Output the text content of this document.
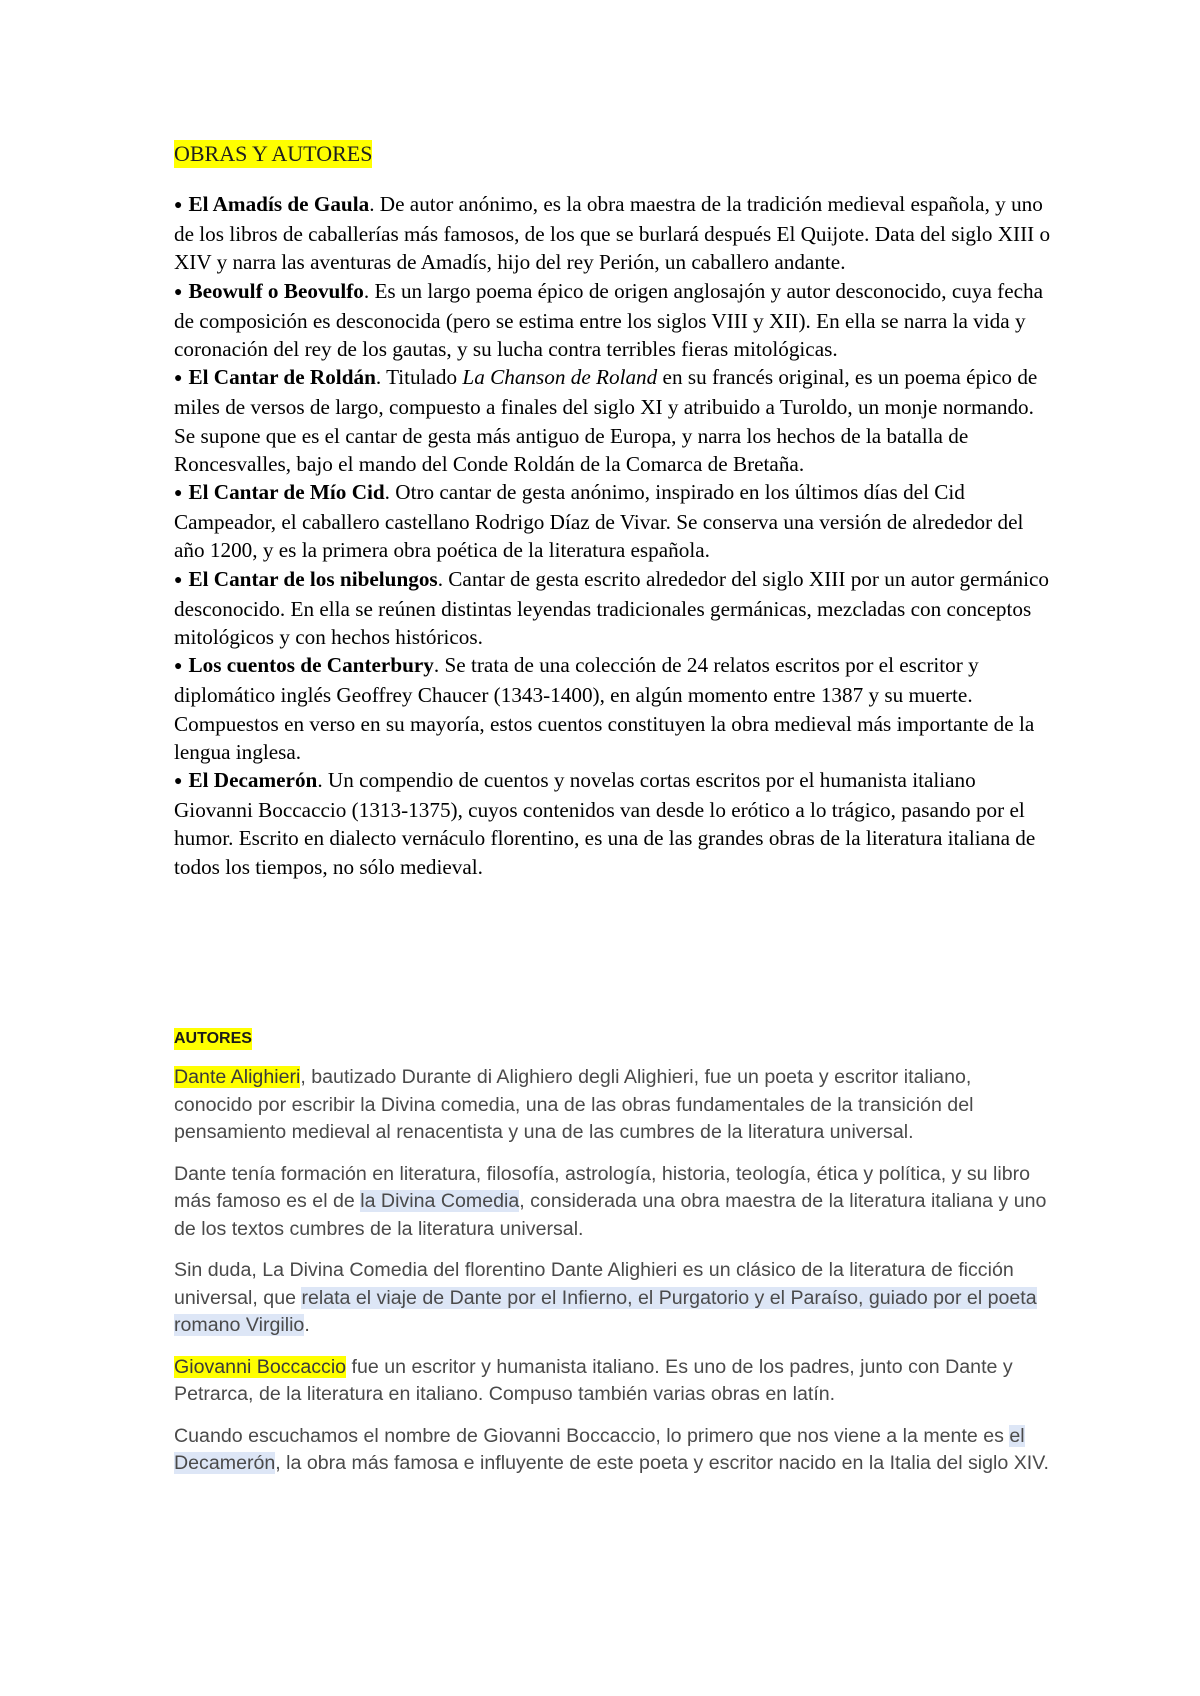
OBRAS Y AUTORES
● El Amadís de Gaula. De autor anónimo, es la obra maestra de la tradición medieval española, y uno de los libros de caballerías más famosos, de los que se burlará después El Quijote. Data del siglo XIII o XIV y narra las aventuras de Amadís, hijo del rey Perión, un caballero andante.
● Beowulf o Beovulfo. Es un largo poema épico de origen anglosajón y autor desconocido, cuya fecha de composición es desconocida (pero se estima entre los siglos VIII y XII). En ella se narra la vida y coronación del rey de los gautas, y su lucha contra terribles fieras mitológicas.
● El Cantar de Roldán. Titulado La Chanson de Roland en su francés original, es un poema épico de miles de versos de largo, compuesto a finales del siglo XI y atribuido a Turoldo, un monje normando. Se supone que es el cantar de gesta más antiguo de Europa, y narra los hechos de la batalla de Roncesvalles, bajo el mando del Conde Roldán de la Comarca de Bretaña.
● El Cantar de Mío Cid. Otro cantar de gesta anónimo, inspirado en los últimos días del Cid Campeador, el caballero castellano Rodrigo Díaz de Vivar. Se conserva una versión de alrededor del año 1200, y es la primera obra poética de la literatura española.
● El Cantar de los nibelungos. Cantar de gesta escrito alrededor del siglo XIII por un autor germánico desconocido. En ella se reúnen distintas leyendas tradicionales germánicas, mezcladas con conceptos mitológicos y con hechos históricos.
● Los cuentos de Canterbury. Se trata de una colección de 24 relatos escritos por el escritor y diplomático inglés Geoffrey Chaucer (1343-1400), en algún momento entre 1387 y su muerte. Compuestos en verso en su mayoría, estos cuentos constituyen la obra medieval más importante de la lengua inglesa.
● El Decamerón. Un compendio de cuentos y novelas cortas escritos por el humanista italiano Giovanni Boccaccio (1313-1375), cuyos contenidos van desde lo erótico a lo trágico, pasando por el humor. Escrito en dialecto vernáculo florentino, es una de las grandes obras de la literatura italiana de todos los tiempos, no sólo medieval.
AUTORES

Dante Alighieri, bautizado Durante di Alighiero degli Alighieri, fue un poeta y escritor italiano, conocido por escribir la Divina comedia, una de las obras fundamentales de la transición del pensamiento medieval al renacentista y una de las cumbres de la literatura universal.

Dante tenía formación en literatura, filosofía, astrología, historia, teología, ética y política, y su libro más famoso es el de la Divina Comedia, considerada una obra maestra de la literatura italiana y uno de los textos cumbres de la literatura universal.

Sin duda, La Divina Comedia del florentino Dante Alighieri es un clásico de la literatura de ficción universal, que relata el viaje de Dante por el Infierno, el Purgatorio y el Paraíso, guiado por el poeta romano Virgilio.

Giovanni Boccaccio fue un escritor y humanista italiano. Es uno de los padres, junto con Dante y Petrarca, de la literatura en italiano. Compuso también varias obras en latín.

Cuando escuchamos el nombre de Giovanni Boccaccio, lo primero que nos viene a la mente es el Decamerón, la obra más famosa e influyente de este poeta y escritor nacido en la Italia del siglo XIV.
